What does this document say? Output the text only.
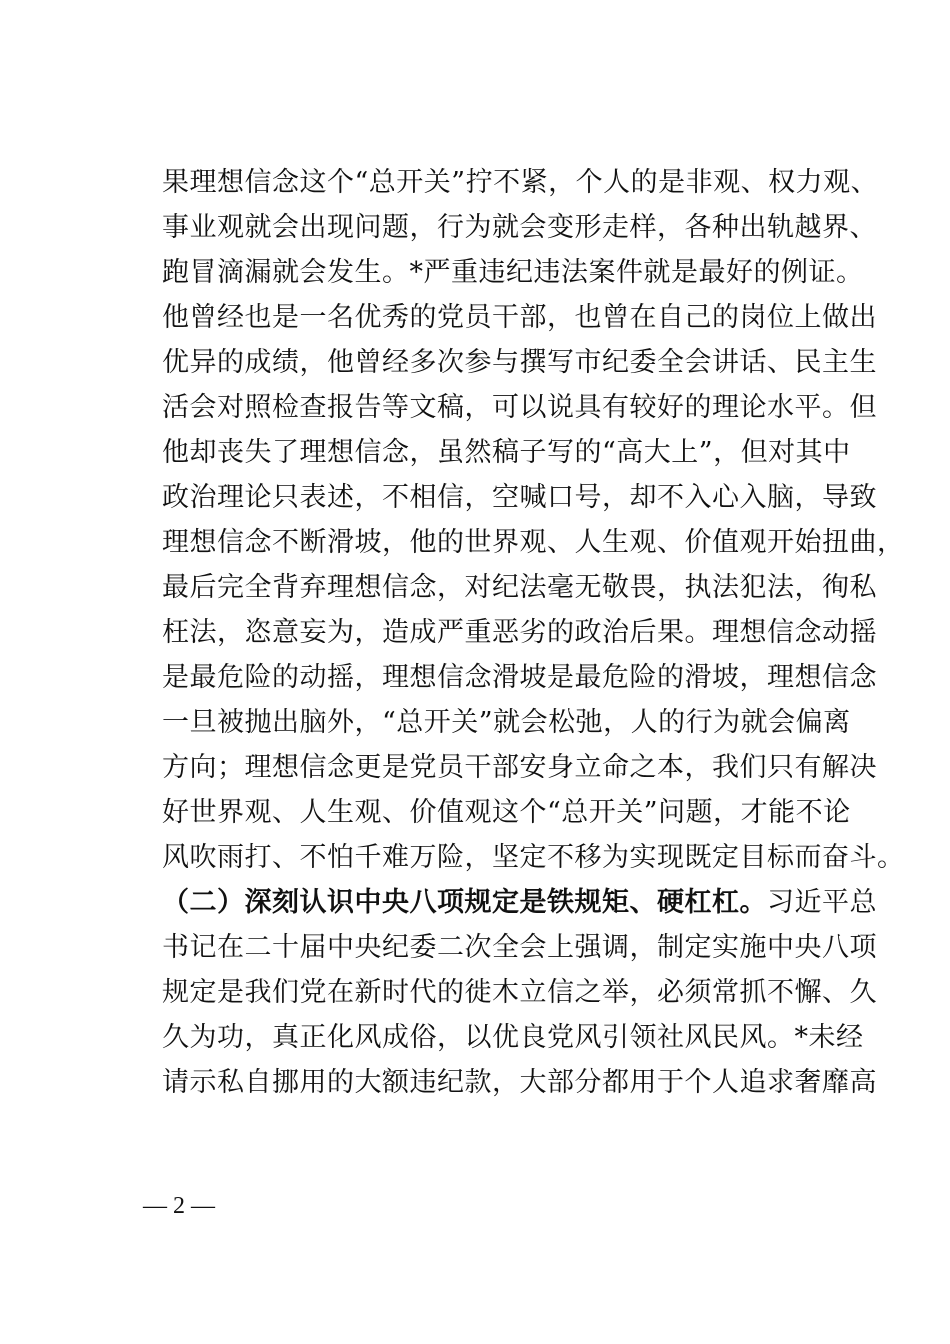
果理想信念这个“总开关”拧不紧，个人的是非观、权力观、
事业观就会出现问题，行为就会变形走样，各种出轨越界、
跑冒滴漏就会发生。*严重违纪违法案件就是最好的例证。
他曾经也是一名优秀的党员干部，也曾在自己的岗位上做出
优异的成绩，他曾经多次参与撰写市纪委全会讲话、民主生
活会对照检查报告等文稿，可以说具有较好的理论水平。但
他却丧失了理想信念，虽然稿子写的“高大上”，但对其中
政治理论只表述，不相信，空喊口号，却不入心入脑，导致
理想信念不断滑坡，他的世界观、人生观、价值观开始扭曲，
最后完全背弃理想信念，对纪法毫无敬畏，执法犯法，徇私
枉法，恣意妄为，造成严重恶劣的政治后果。理想信念动摇
是最危险的动摇，理想信念滑坡是最危险的滑坡，理想信念
一旦被抛出脑外，“总开关”就会松弛，人的行为就会偏离
方向；理想信念更是党员干部安身立命之本，我们只有解决
好世界观、人生观、价值观这个“总开关”问题，才能不论
风吹雨打、不怕千难万险，坚定不移为实现既定目标而奋斗。
（二）深刻认识中央八项规定是铁规矩、硬杠杠。习近平总
书记在二十届中央纪委二次全会上强调，制定实施中央八项
规定是我们党在新时代的徙木立信之举，必须常抓不懈、久
久为功，真正化风成俗，以优良党风引领社风民风。*未经
请示私自挪用的大额违纪款，大部分都用于个人追求奢靡高
— 2 —
